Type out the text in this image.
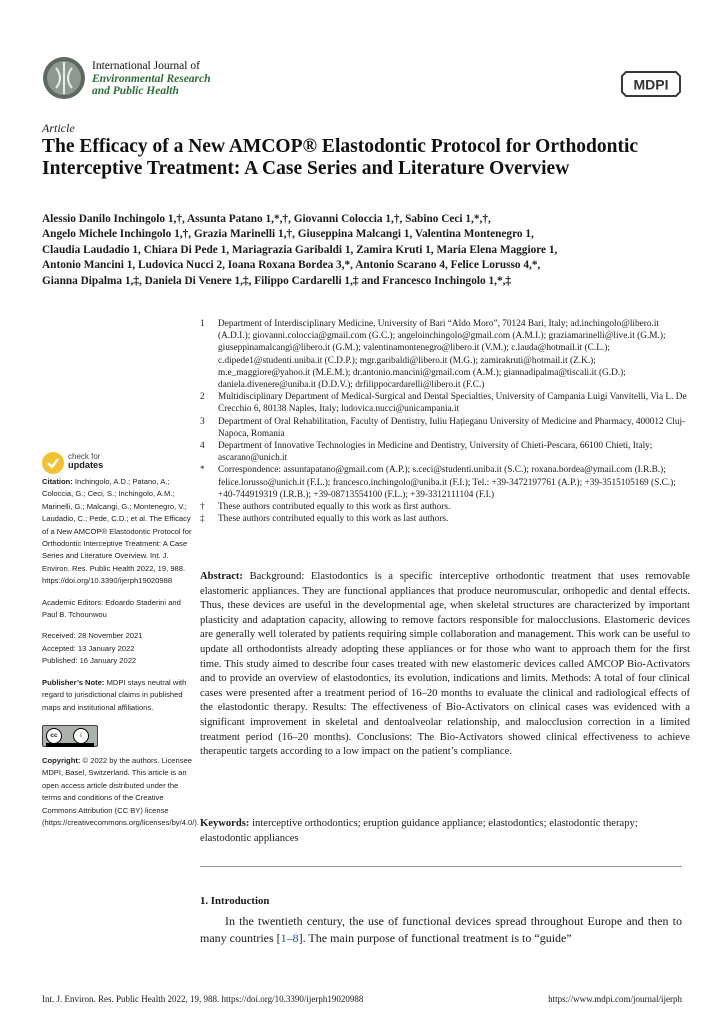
International Journal of
Environmental Research
and Public Health	MDPI
Article
The Efficacy of a New AMCOP® Elastodontic Protocol for Orthodontic Interceptive Treatment: A Case Series and Literature Overview
Alessio Danilo Inchingolo 1,†, Assunta Patano 1,*,†, Giovanni Coloccia 1,†, Sabino Ceci 1,*,†,
Angelo Michele Inchingolo 1,†, Grazia Marinelli 1,†, Giuseppina Malcangi 1, Valentina Montenegro 1,
Claudia Laudadio 1, Chiara Di Pede 1, Mariagrazia Garibaldi 1, Zamira Kruti 1, Maria Elena Maggiore 1,
Antonio Mancini 1, Ludovica Nucci 2, Ioana Roxana Bordea 3,*, Antonio Scarano 4, Felice Lorusso 4,*,
Gianna Dipalma 1,‡, Daniela Di Venere 1,‡, Filippo Cardarelli 1,‡ and Francesco Inchingolo 1,*,‡
1	Department of Interdisciplinary Medicine, University of Bari “Aldo Moro”, 70124 Bari, Italy; ad.inchingolo@libero.it (A.D.I.); giovanni.coloccia@gmail.com (G.C.); angeloinchingolo@gmail.com (A.M.I.); graziamarinelli@live.it (G.M.); giuseppinamalcangi@libero.it (G.M.); valentinamontenegro@libero.it (V.M.); c.lauda@hotmail.it (C.L.); c.dipede1@studenti.uniba.it (C.D.P.); mgr.garibaldi@libero.it (M.G.); zamirakruti@hotmail.it (Z.K.); m.e_maggiore@yahoo.it (M.E.M.); dr.antonio.mancini@gmail.com (A.M.); giannadipalma@tiscali.it (G.D.); daniela.divenere@uniba.it (D.D.V.); drfilippocardarelli@libero.it (F.C.)
2	Multidisciplinary Department of Medical-Surgical and Dental Specialties, University of Campania Luigi Vanvitelli, Via L. De Crecchio 6, 80138 Naples, Italy; ludovica.nucci@unicampania.it
3	Department of Oral Rehabilitation, Faculty of Dentistry, Iuliu Hațieganu University of Medicine and Pharmacy, 400012 Cluj-Napoca, Romania
4	Department of Innovative Technologies in Medicine and Dentistry, University of Chieti-Pescara, 66100 Chieti, Italy; ascarano@unich.it
*	Correspondence: assuntapatano@gmail.com (A.P.); s.ceci@studenti.uniba.it (S.C.); roxana.bordea@ymail.com (I.R.B.); felice.lorusso@unich.it (F.L.); francesco.inchingolo@uniba.it (F.I.); Tel.: +39-3472197761 (A.P.); +39-3515105169 (S.C.); +40-744919319 (I.R.B.); +39-08713554100 (F.L.); +39-3312111104 (F.I.)
†	These authors contributed equally to this work as first authors.
‡	These authors contributed equally to this work as last authors.
check for
updates

Citation: Inchingolo, A.D.; Patano, A.; Coloccia, G.; Ceci, S.; Inchingolo, A.M.; Marinelli, G.; Malcangi, G.; Montenegro, V.; Laudadio, C.; Pede, C.D.; et al. The Efficacy of a New AMCOP® Elastodontic Protocol for Orthodontic Interceptive Treatment: A Case Series and Literature Overview. Int. J. Environ. Res. Public Health 2022, 19, 988. https://doi.org/10.3390/ijerph19020988

Academic Editors: Edoardo Staderini and Paul B. Tchounwou

Received: 28 November 2021

Accepted: 13 January 2022

Published: 16 January 2022

Publisher’s Note: MDPI stays neutral with regard to jurisdictional claims in published maps and institutional affiliations.

cc	i

Copyright: © 2022 by the authors. Licensee MDPI, Basel, Switzerland. This article is an open access article distributed under the terms and conditions of the Creative Commons Attribution (CC BY) license (https://creativecommons.org/licenses/by/4.0/).

Abstract: Background: Elastodontics is a specific interceptive orthodontic treatment that uses removable elastomeric appliances. They are functional appliances that produce neuromuscular, orthopedic and dental effects. Thus, these devices are useful in the developmental age, when skeletal structures are characterized by important plasticity and adaptation capacity, allowing to remove factors responsible for malocclusions. Elastomeric devices are generally well tolerated by patients requiring simple collaboration and management. This work can be useful to update all orthodontists already adopting these appliances or for those who want to approach them for the first time. This study aimed to describe four cases treated with new elastomeric devices called AMCOP Bio-Activators and to provide an overview of elastodontics, its evolution, indications and limits. Methods: A total of four clinical cases were presented after a treatment period of 16–20 months to evaluate the clinical and radiological effects of the elastodontic therapy. Results: The effectiveness of Bio-Activators on clinical cases was evidenced with a significant improvement in skeletal and dentoalveolar relationship, and malocclusion correction in a limited treatment period (16–20 months). Conclusions: The Bio-Activators showed clinical effectiveness to achieve therapeutic targets according to a low impact on the patient’s compliance.
Keywords: interceptive orthodontics; eruption guidance appliance; elastodontics; elastodontic therapy; elastodontic appliances
1. Introduction
In the twentieth century, the use of functional devices spread throughout Europe and then to many countries [1–8]. The main purpose of functional treatment is to “guide”
Int. J. Environ. Res. Public Health 2022, 19, 988. https://doi.org/10.3390/ijerph19020988	https://www.mdpi.com/journal/ijerph
